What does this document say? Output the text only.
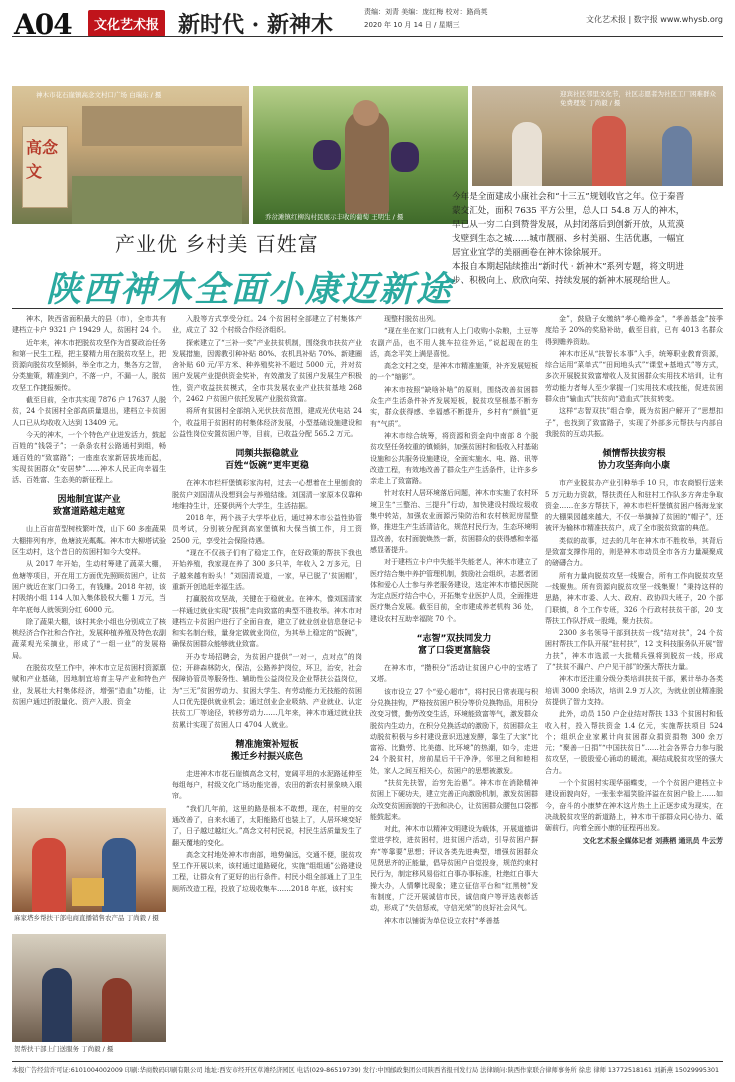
A04	文化艺术报 新时代 · 新神木	责编：刘青 美编：庞红梅 校对：路尚英
2020 年 10 月 14 日 / 星期三
文化艺术报 | 数字报 www.whysb.org
高念文
神木市花石崖镇高念文村口广场 白瑞东 / 摄
乔岔滩镇红柳沟村民展示丰收的葡萄 王明生 / 摄
迎宾社区邻里文化节，社区志愿者为社区工厂困难群众免费理发 丁尚毅 / 摄
产业优 乡村美 百姓富
陕西神木全面小康迈新途

今年是全面建成小康社会和“十三五”规划收官之年。位于秦晋蒙交汇处，面积 7635 平方公里，总人口 54.8 万人的神木，早已从一穷二白到赞誉发展，从封闭落后到创新开放，从荒漠戈壁到生态之城……城市靓丽、乡村美丽、生活优惠，一幅宜居宜业宜学的美丽画卷在神木徐徐展开。

本报自本期起陆续推出“新时代 · 新神木”系列专题，将文明进步、积极向上、欣欣向荣、持续发展的新神木展现给世人。

神木，陕西省面积最大的县（市），全市共有建档立卡户 9321 户 19429 人，贫困村 24 个。

近年来，神木市把脱贫攻坚作为首要政治任务和第一民生工程，把主要精力用在脱贫攻坚上，把资源向脱贫攻坚倾斜，举全市之力，集各方之智，分类施策，精准到户，不落一户，不漏一人，脱贫攻坚工作捷报频传。

截至目前，全市共实现 7876 户 17637 人脱贫，24 个贫困村全部高质量退出，建档立卡贫困人口已从均收收入达到 13409 元。

今天的神木，一个个特色产业迸发活力，鼓起百姓的“钱袋子”；一条条农村公路通村到组，畅通百姓的“致富路”；一座座农家新居拔地而起，实现贫困群众“安居梦”……神木人民正向幸福生活、百姓富、生态美的新征程上。

因地制宜谋产业
致富道路越走越宽

山上百亩苗型树枝繁叶茂，山下 60 多座蔬果大棚排列有序，鱼塘波光粼粼。神木市大柳塔试验区生动村，这个昔日的贫困村如今大变样。

从 2017 年开始，生动村筹建了蔬菜大棚，鱼塘等项目，开在用工方面优先照顾贫困户，让贫困户就近在家门口务工，有钱赚。2018 年初，该村吸纳小组 114 人加入集体股权大棚 1 万元，当年年底每人就领到分红 6000 元。

除了蔬果大棚，该村其余小组也分别成立了核桃经济合作社和合作社，发展种植养殖及特色农副蔬菜观光采摘业，形成了“一组一业”的发展格局。

在脱贫攻坚工作中，神木市立足贫困村资源禀赋和产业基础，因地制宜培育主导产业和特色产业，发展壮大村集体经济，增强“造血”功能，让贫困户通过折股量化、资产入股、资金

麻家塔乡帮扶干部电商直播销售农产品 丁尚毅 / 摄
贺帮扶干部上门送服务 丁尚毅 / 摄

入股等方式享受分红。24 个贫困村全部建立了村集体产业，成立了 32 个村级合作经济组织。

探索建立了“三补一奖”产业扶贫机制，围绕我市扶贫产业发展措施，因需教引种补贴 80%、农机具补贴 70%、新建圈舍补贴 60 元/平方米、种养殖奖补不超过 5000 元，并对贫困户发展产业提供资金奖补，有效激发了贫困户发展生产积极性，资产收益扶贫模式，全市共发展农业产业扶贫基地 268 个，2462 户贫困户依托发展产业脱贫致富。

将所有贫困村全部纳入光伏扶贫范围，建成光伏电站 24 个，收益用于贫困村的村集体经济发展，小型基础设施建设和公益性岗位安置贫困户等，目前，已收益分配 565.2 万元。

同频共振稳就业
百姓“饭碗”更牢更稳

在神木市栏杆堡镇彩家沟村，过去一心想着在土里刨食的脱贫户刘国清从没想到会与养殖结缘。刘国清一家原本仅靠种地维持生计，还要供两个大学生，生活拮据。

2018 年，两个孩子大学毕业后，通过神木市公益性协管员考试，分别被分配到高家堡镇和大保当镇工作，月工资 2500 元，享受社会保险待遇。

“现在不仅孩子们有了稳定工作，在好政策的帮扶下我也开始养殖，我家现在养了 300 多只羊，年收入 2 万多元，日子越来越有盼头！”刘国清说道，一家，早已脱了‘贫困帽’，重新开创追赶幸福生活。

打赢脱贫攻坚战，关键在于稳就业。在神木，像刘国清家一样通过就业实现“拔根”走向致富的典型不胜枚举。神木市对建档立卡贫困户进行了全面自查，建立了就业创业信息登记卡和实名制台账，量身定做就业岗位，为其举上稳定的“饭碗”，确保贫困群众能够就业致富。

开办专场招聘会，为贫困户提供“一对一，点对点”的岗位；开辟森林防火，保洁，公路养护岗位，环卫，治安，社会保障协管员等服务性、辅助性公益岗位及企业帮扶公益岗位，为“三无”贫困劳动力、贫困大学生、有劳动能力无技能的贫困人口优先提供就业机会；通过创业企业吸纳、产业就业、认定扶贫工厂等途径，转移劳动力……几年来，神木市通过就业扶贫累计实现了贫困人口 4704 人就业。

精准施策补短板
搬迁乡村振兴底色

走进神木市花石崖镇高念文村，宽阔平坦的水泥路延伸至每组每户，村级文化广场功能完善，农田的新农村景象映入眼帘。

“我们几年前，这里的路是根本不敢想，现在，村里的交通改善了，自来水通了，太阳能路灯也装上了，人居环境变好了，日子越过越红火。”高念文村村民说，村民生活质量发生了翻天覆地的变化。

高念文村地处神木市南部，地势偏远，交通不便，脱贫攻坚工作开展以来，该村通过道路硬化，实施“组组通”公路建设工程，让群众有了更好的出行条件。村民小组全部通上了卫生厕所改造工程，投放了垃圾收集车……2018 年底，该村实

现整村脱贫出列。

“现在坐在家门口就有人上门收购小杂粮，土豆等农副产品，也不用人挑车拉往外运，”说起现在的生活，高念平笑上满是喜悦。

高念文村之变，是神木市精准施策，补齐发展短板的一个“缩影”。

神木市按照“缺啥补啥”的原则，围绕改善贫困群众生产生活条件补齐发展短板，脱贫攻坚根基不断夯实，群众获得感、幸福感不断提升，乡村有“颜值”更有“气质”。

神木市综合统筹，将资源和资金向中南部 8 个脱贫攻坚任务较重的镇倾斜，加强贫困村和低收入村基础设施和公共服务设施建设，全面实施水、电、路、讯等改造工程，有效地改善了群众生产生活条件，让许多乡亲走上了致富路。

针对农村人居环境落后问题，神木市实施了农村环境卫生“三整治、三提升”行动，加快建设村级垃圾收集中转站，加强农业面源污染防治和农村核泥房屋整修，推进生产生活清洁化，规范村民行为，生态环境明显改善，农村面貌焕然一新，贫困群众的获得感和幸福感显著提升。

对于建档立卡户中失能半失能老人，神木市建立了医疗结合集中养护管理机制，鼓励社会组织，志愿者团体和爱心人士参与养老服务建设，选定神木市德民医院为定点医疗结合中心，开拓集专业医护人员，全面推进医疗集合发展。截至目前，全市建成养老机构 36 处，建设农村互助幸福院 70 个。

“志智”双扶同发力
富了口袋更富脑袋

在神木市，“攒积分”活动让贫困户心中的宝塔了又塔。

该市设立 27 个“爱心超市”，将村民日常表现与积分兑换挂钩，严格按贫困户积分等价兑换物品，用积分改变习惯，勤劳改变生活，环境能致富等气，激发群众脱贫内生动力，在积分兑换活动的激励下，贫困群众主动脱贫积极与乡村建设意识迅速发酵，靠生了大家“比富裕、比勤劳、比美德、比环境”的热潮，如今，走进 24 个脱贫村，房前屋后干干净净，邻里之间和睦相处，家人之间互相关心，贫困户的思想被激发。

“扶贫先扶智，治穷先治愚”。神木市在消除精神贫困上下硬功夫，建立完善正向激励机制，激发贫困群众改变贫困面貌的干劲和决心，让贫困群众腰包口袋都能鼓起来。

对此，神木市以精神文明建设为载体，开展道德讲堂进学校，进贫困村，进贫困户活动，引导贫困户摒弃“等靠要”思想；评议各类先进典型，增强贫困群众见贤思齐的正能量，倡导贫困户自觉投身，规范约束村民行为，制定移风易俗红白事办事标准，杜绝红白事大操大办，人情攀比现象；建立征信平台和“红黑榜”发布制度，广泛开展诚信市民，诚信商户等评选表彰活动，形成了“失信惩戒，守信光荣”的良好社会风气。

神木市以铺街为单位设立农村“孝善基

金”，鼓励子女缴纳“孝心赡养金”，“孝善基金”按季度给予 20%的奖励补助，截至目前，已有 4013 名群众得到赡养资助。

神木市还从“扶智长本事”入手，统筹职业教育资源，综合运用“菜单式”“田间地头式”“课堂+基地式”等方式，多次开展脱贫致富增收人及贫困群众实用技术培训，让有劳动能力者每人至少掌握一门实用技术或技能，促进贫困群众由“输血式”扶贫向“造血式”扶贫转变。

这样“志智双扶”组合拳，既为贫困户解开了“思想扣子”，也找到了致富路子，实现了外部多元帮扶与内部自我脱贫的互动共振。

倾情帮扶拔穷根
协力攻坚奔向小康

市产业脱贫办产业引种举手 10 只，市农商银行送来 5 万元助力资款，帮扶责任人和驻村工作队多方奔走争取资金……在多方帮扶下，神木市栏杆堡镇贫困户杨海龙家的大棚果园越来越大，不仅一举摘掉了贫困的“帽子”，还被评为榆林市精准扶贫户，成了全市脱贫致富的典范。

类似的故事，过去的几年在神木市不胜枚举，其背后是致富支撑作用的，则是神木市动员全市各方力量凝聚成的磅礴合力。

所有力量向脱贫攻坚一线聚合，所有工作向脱贫攻坚一线聚焦。所有资源向脱贫攻坚一线集聚！”秉持这样的思路，神木市委、人大、政府、政协四大班子，20 个部门联镇，8 个工作专班，326 个行政村扶贫干部，20 支帮扶工作队抒成一股绳，聚力扶贫。

2300 多名领导干部到扶贫一线“结对扶”，24 个贫困村帮扶工作队开展“驻村扶”，12 支科技服务队开展“智力扶”，神木市选派一大批精兵强将到脱贫一线，形成了“扶贫不漏户、户户见干部”的强大帮扶力量。

神木市还注重分级分类培训扶贫干部，累计举办各类培训 3000 余场次，培训 2.9 万人次，为就业创业精准脱贫提供了智力支持。

此外，动员 150 户企业结对帮扶 133 个贫困村和低收入村，投入帮扶资金 1.4 亿元，实施帮扶项目 524 个；组织企业家累计向贫困群众捐资捐物 300 余万元；“聚善一日捐”“中国扶贫日”……社会各界合力参与脱贫攻坚，一股股爱心涌动的暖流，凝结成脱贫攻坚的强大合力。

一个个贫困村实现华丽蝶变，一个个贫困户建档立卡建设面貌向好，一张张幸福笑脸洋溢在贫困户脸上……如今，奋斗的小康梦在神木这片热土上正逐步成为现实，在决战脱贫攻坚的新道路上，神木市干部群众同心协力、砥砺前行，向着全面小康的征程再出发。

文化艺术报全媒体记者 刘燕栖 通讯员 牛云芳

本报广告经营许可证:6101004002009 印刷:华商数码印刷有限公司 地址:西安市经开区草滩经济园区 电话(029-86519739) 发行:中国邮政集团公司陕西省报刊发行局 法律顾问:陕西作家联合律师事务所 徐忠 律师 13772518161 刘新燕 15029995301
